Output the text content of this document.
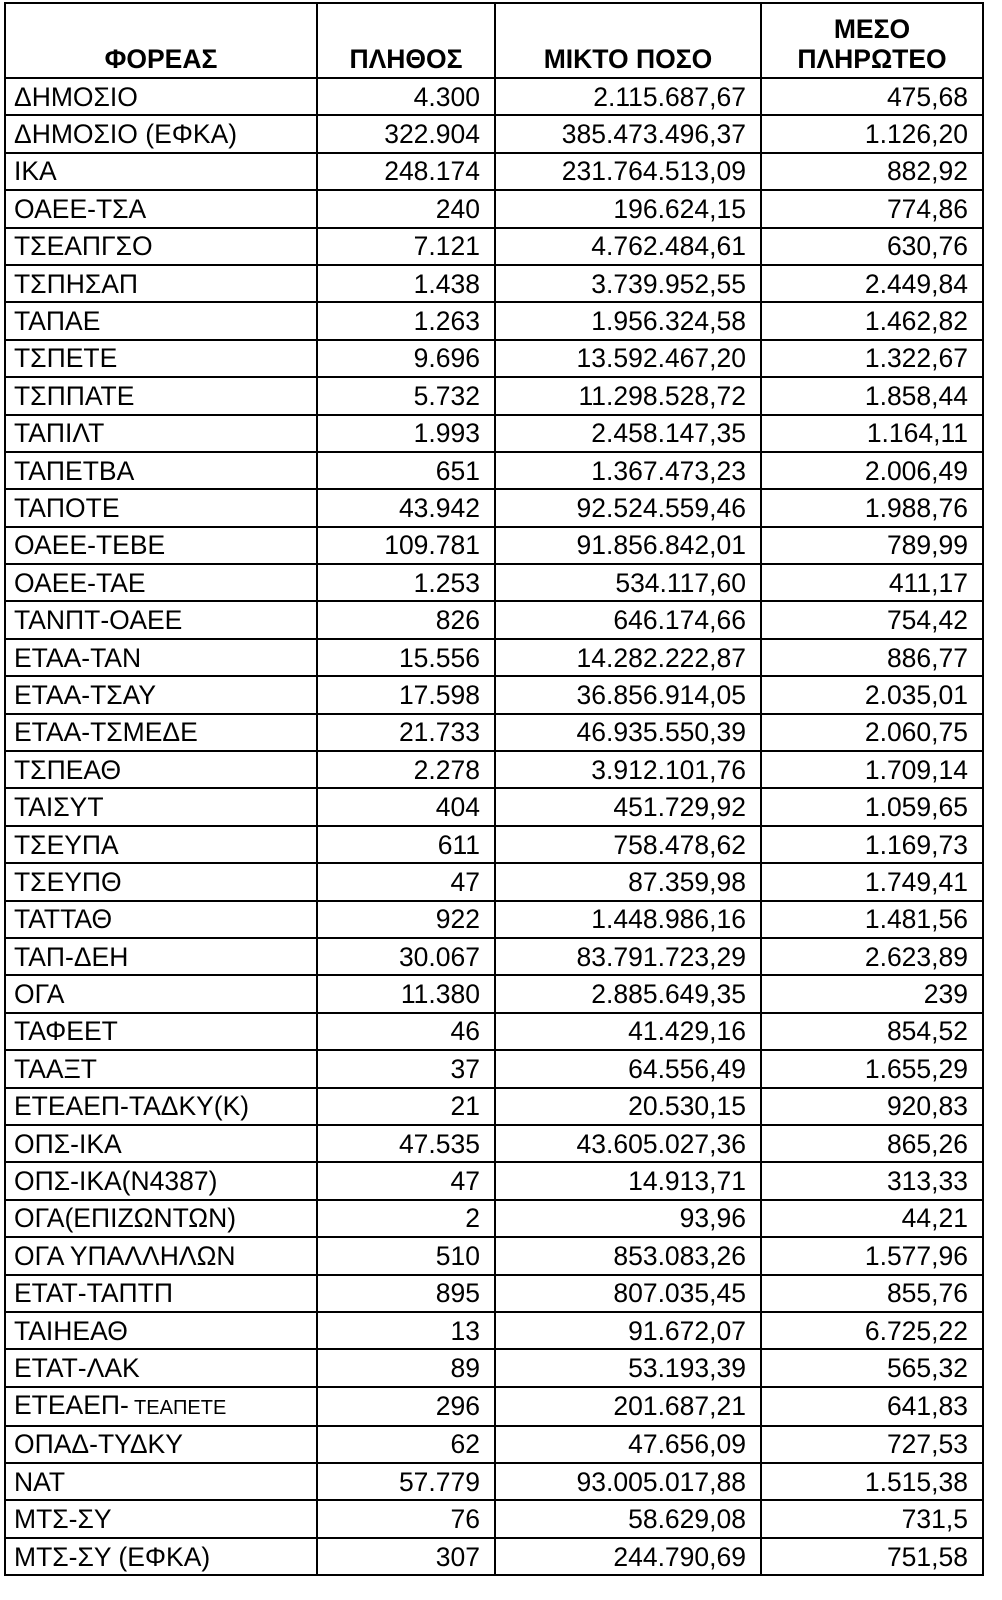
ΦΟΡΕΑΣ	ΠΛΗΘΟΣ	ΜΙΚΤΟ ΠΟΣΟ	ΜΕΣΟ
ΠΛΗΡΩΤΕΟ

ΔΗΜΟΣΙΟ	4.300	2.115.687,67	475,68
ΔΗΜΟΣΙΟ (ΕΦΚΑ)	322.904	385.473.496,37	1.126,20
ΙΚΑ	248.174	231.764.513,09	882,92
ΟΑΕΕ-ΤΣΑ	240	196.624,15	774,86
ΤΣΕΑΠΓΣΟ	7.121	4.762.484,61	630,76
ΤΣΠΗΣΑΠ	1.438	3.739.952,55	2.449,84
ΤΑΠΑΕ	1.263	1.956.324,58	1.462,82
ΤΣΠΕΤΕ	9.696	13.592.467,20	1.322,67
ΤΣΠΠΑΤΕ	5.732	11.298.528,72	1.858,44
ΤΑΠΙΛΤ	1.993	2.458.147,35	1.164,11
ΤΑΠΕΤΒΑ	651	1.367.473,23	2.006,49
ΤΑΠΟΤΕ	43.942	92.524.559,46	1.988,76
ΟΑΕΕ-ΤΕΒΕ	109.781	91.856.842,01	789,99
ΟΑΕΕ-ΤΑΕ	1.253	534.117,60	411,17
ΤΑΝΠΤ-ΟΑΕΕ	826	646.174,66	754,42
ΕΤΑΑ-ΤΑΝ	15.556	14.282.222,87	886,77
ΕΤΑΑ-ΤΣΑΥ	17.598	36.856.914,05	2.035,01
ΕΤΑΑ-ΤΣΜΕΔΕ	21.733	46.935.550,39	2.060,75
ΤΣΠΕΑΘ	2.278	3.912.101,76	1.709,14
ΤΑΙΣΥΤ	404	451.729,92	1.059,65
ΤΣΕΥΠΑ	611	758.478,62	1.169,73
ΤΣΕΥΠΘ	47	87.359,98	1.749,41
ΤΑΤΤΑΘ	922	1.448.986,16	1.481,56
ΤΑΠ-ΔΕΗ	30.067	83.791.723,29	2.623,89
ΟΓΑ	11.380	2.885.649,35	239
ΤΑΦΕΕΤ	46	41.429,16	854,52
ΤΑΑΞΤ	37	64.556,49	1.655,29
ΕΤΕΑΕΠ-ΤΑΔΚΥ(Κ)	21	20.530,15	920,83
ΟΠΣ-ΙΚΑ	47.535	43.605.027,36	865,26
ΟΠΣ-ΙΚΑ(Ν4387)	47	14.913,71	313,33
ΟΓΑ(ΕΠΙΖΩΝΤΩΝ)	2	93,96	44,21
ΟΓΑ ΥΠΑΛΛΗΛΩΝ	510	853.083,26	1.577,96
ΕΤΑΤ-ΤΑΠΤΠ	895	807.035,45	855,76
ΤΑΙΗΕΑΘ	13	91.672,07	6.725,22
ΕΤΑΤ-ΛΑΚ	89	53.193,39	565,32
ΕΤΕΑΕΠ- ΤΕΑΠΕΤΕ	296	201.687,21	641,83
ΟΠΑΔ-ΤΥΔΚΥ	62	47.656,09	727,53
ΝΑΤ	57.779	93.005.017,88	1.515,38
ΜΤΣ-ΣΥ	76	58.629,08	731,5
ΜΤΣ-ΣΥ (ΕΦΚΑ)	307	244.790,69	751,58
